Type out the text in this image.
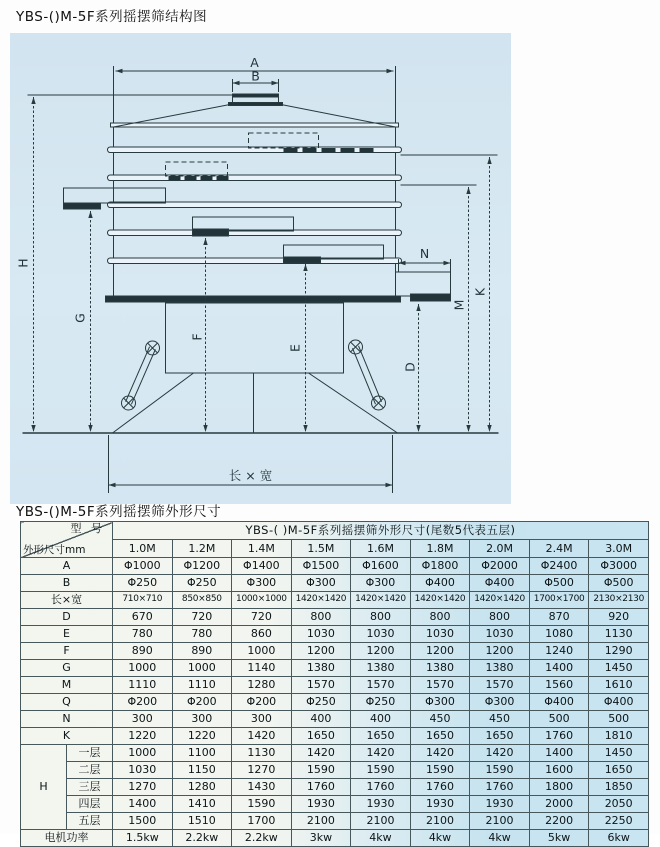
YBS-()M-5F系列摇摆筛结构图
A
B
N
H
G
F
E
D
M
K
长 × 宽
YBS-()M-5F系列摇摆筛外形尺寸
型 号
外形尺寸mm		YBS-( )M-5F系列摇摆筛外形尺寸(尾数5代表五层)								
		1.0M	1.2M	1.4M	1.5M	1.6M	1.8M	2.0M	2.4M	3.0M
A		Φ1000	Φ1200	Φ1400	Φ1500	Φ1600	Φ1800	Φ2000	Φ2400	Φ3000
B		Φ250	Φ250	Φ300	Φ300	Φ300	Φ400	Φ400	Φ500	Φ500
长×宽		710×710	850×850	1000×1000	1420×1420	1420×1420	1420×1420	1420×1420	1700×1700	2130×2130
D		670	720	720	800	800	800	800	870	920
E		780	780	860	1030	1030	1030	1030	1080	1130
F		890	890	1000	1200	1200	1200	1200	1240	1290
G		1000	1000	1140	1380	1380	1380	1380	1400	1450
M		1110	1110	1280	1570	1570	1570	1570	1560	1610
Q		Φ200	Φ200	Φ200	Φ250	Φ250	Φ300	Φ300	Φ400	Φ400
N		300	300	300	400	400	450	450	500	500
K		1220	1220	1420	1650	1650	1650	1650	1760	1810
H	一层	1000	1100	1130	1420	1420	1420	1420	1400	1450
	二层	1030	1150	1270	1590	1590	1590	1590	1600	1650
	三层	1270	1280	1430	1760	1760	1760	1760	1800	1850
	四层	1400	1410	1590	1930	1930	1930	1930	2000	2050
	五层	1500	1510	1700	2100	2100	2100	2100	2200	2250
电机功率		1.5kw	2.2kw	2.2kw	3kw	4kw	4kw	4kw	5kw	6kw
